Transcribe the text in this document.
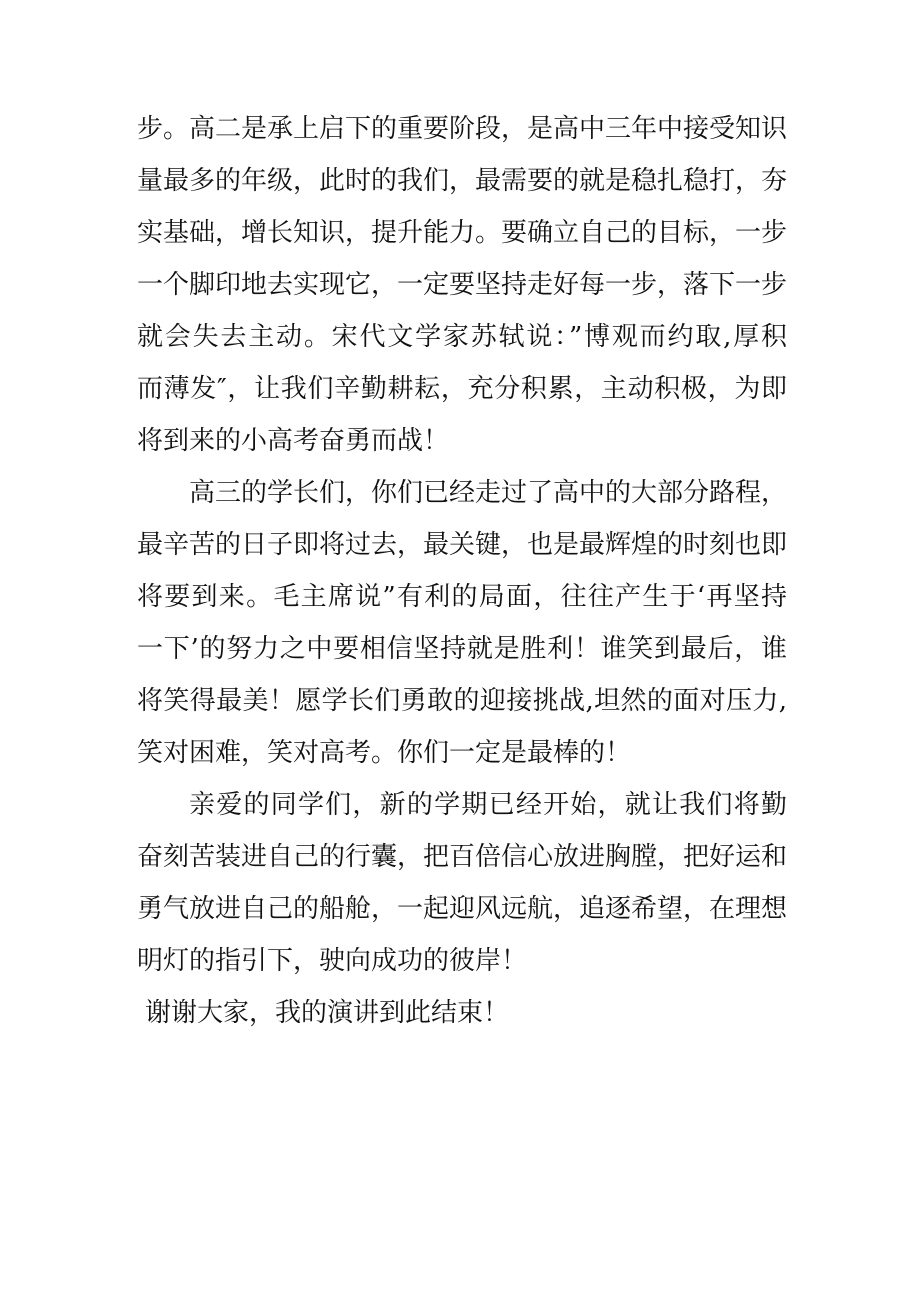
步。高二是承上启下的重要阶段，是高中三年中接受知识
量最多的年级，此时的我们，最需要的就是稳扎稳打，夯
实基础，增长知识，提升能力。要确立自己的目标，一步
一个脚印地去实现它，一定要坚持走好每一步，落下一步
就会失去主动。宋代文学家苏轼说：”博观而约取,厚积
而薄发″，让我们辛勤耕耘，充分积累，主动积极，为即
将到来的小高考奋勇而战！
高三的学长们，你们已经走过了高中的大部分路程，
最辛苦的日子即将过去，最关键，也是最辉煌的时刻也即
将要到来。毛主席说”有利的局面，往往产生于‘再坚持
一下’的努力之中要相信坚持就是胜利！谁笑到最后，谁
将笑得最美！愿学长们勇敢的迎接挑战,坦然的面对压力,
笑对困难，笑对高考。你们一定是最棒的！
亲爱的同学们，新的学期已经开始，就让我们将勤
奋刻苦装进自己的行囊，把百倍信心放进胸膛，把好运和
勇气放进自己的船舱，一起迎风远航，追逐希望，在理想
明灯的指引下，驶向成功的彼岸！
谢谢大家，我的演讲到此结束！
